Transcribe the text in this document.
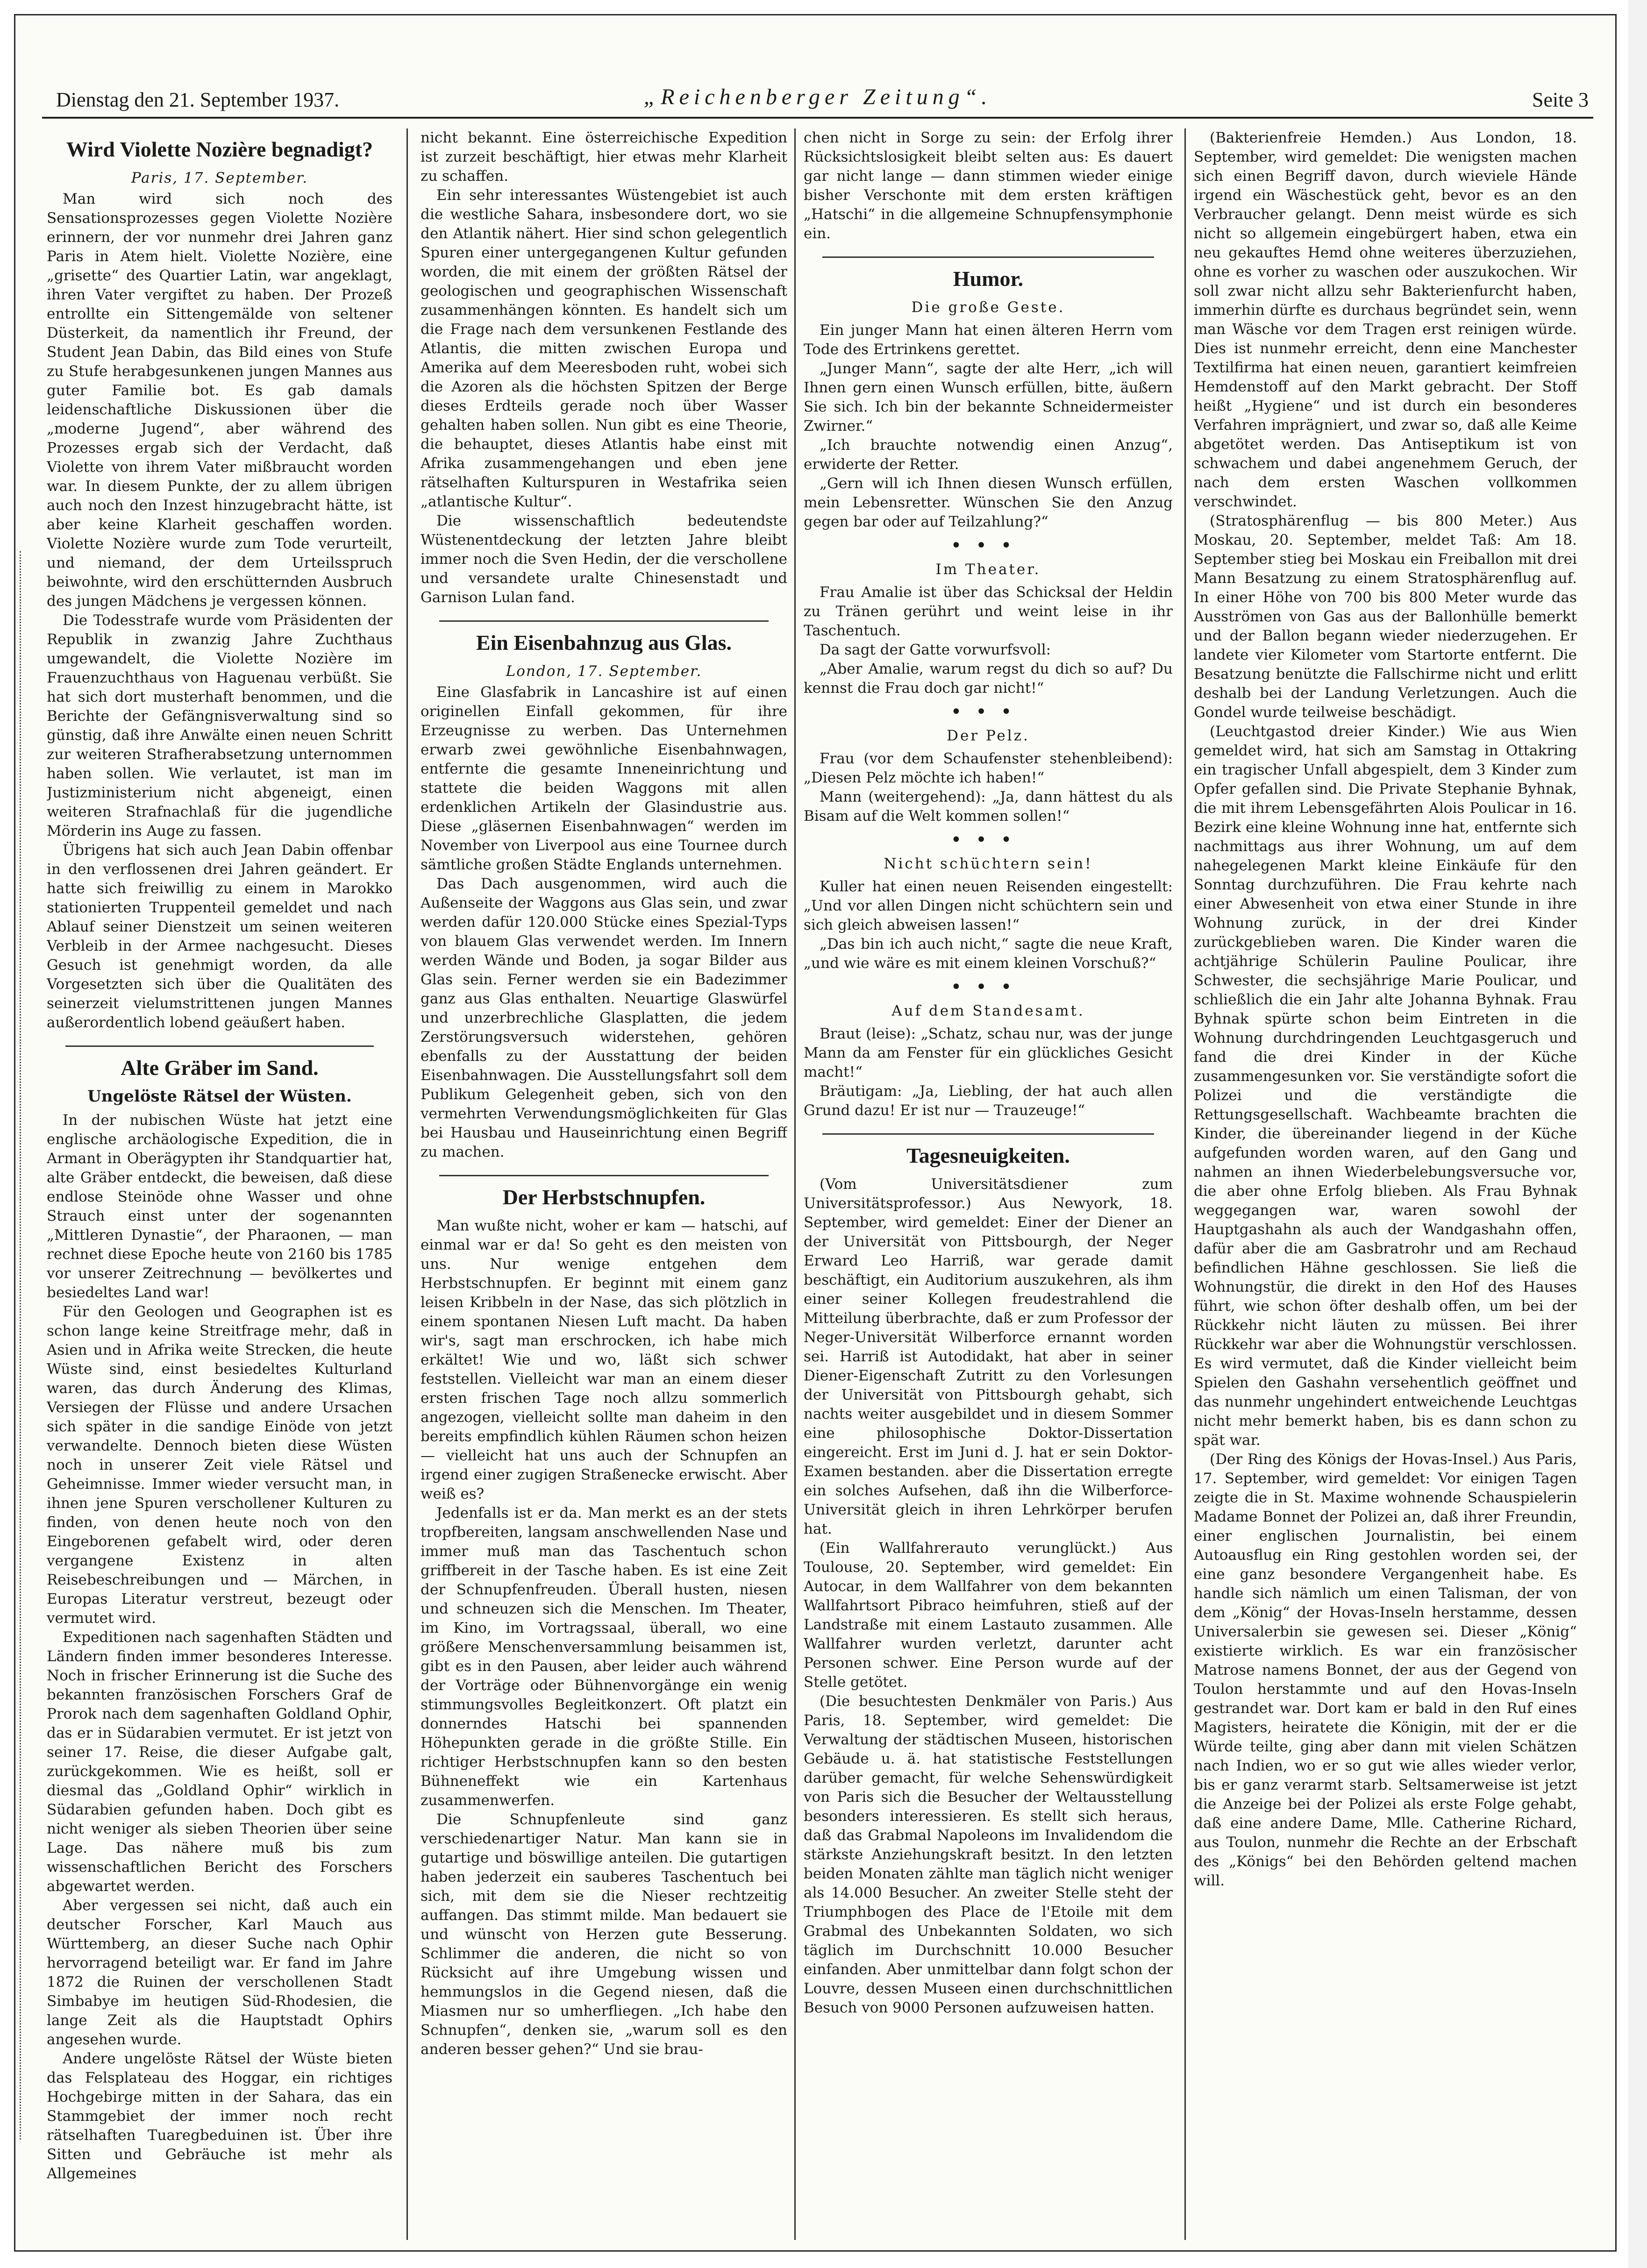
Dienstag den 21. September 1937.	„Reichenberger Zeitung“.	Seite 3
Wird Violette Nozière begnadigt?
Paris, 17. September.

Man wird sich noch des Sensationsprozesses gegen Violette Nozière erinnern, der vor nunmehr drei Jahren ganz Paris in Atem hielt. Violette Nozière, eine „grisette“ des Quartier Latin, war angeklagt, ihren Vater vergiftet zu haben. Der Prozeß entrollte ein Sittengemälde von seltener Düsterkeit, da namentlich ihr Freund, der Student Jean Dabin, das Bild eines von Stufe zu Stufe herabgesunkenen jungen Mannes aus guter Familie bot. Es gab damals leidenschaftliche Diskussionen über die „moderne Jugend“, aber während des Prozesses ergab sich der Verdacht, daß Violette von ihrem Vater mißbraucht worden war. In diesem Punkte, der zu allem übrigen auch noch den Inzest hinzugebracht hätte, ist aber keine Klarheit geschaffen worden. Violette Nozière wurde zum Tode verurteilt, und niemand, der dem Urteilsspruch beiwohnte, wird den erschütternden Ausbruch des jungen Mädchens je vergessen können.

Die Todesstrafe wurde vom Präsidenten der Republik in zwanzig Jahre Zuchthaus umgewandelt, die Violette Nozière im Frauenzuchthaus von Haguenau verbüßt. Sie hat sich dort musterhaft benommen, und die Berichte der Gefängnisverwaltung sind so günstig, daß ihre Anwälte einen neuen Schritt zur weiteren Strafherabsetzung unternommen haben sollen. Wie verlautet, ist man im Justizministerium nicht abgeneigt, einen weiteren Strafnachlaß für die jugendliche Mörderin ins Auge zu fassen.

Übrigens hat sich auch Jean Dabin offenbar in den verflossenen drei Jahren geändert. Er hatte sich freiwillig zu einem in Marokko stationierten Truppenteil gemeldet und nach Ablauf seiner Dienstzeit um seinen weiteren Verbleib in der Armee nachgesucht. Dieses Gesuch ist genehmigt worden, da alle Vorgesetzten sich über die Qualitäten des seinerzeit vielumstrittenen jungen Mannes außerordentlich lobend geäußert haben.

Alte Gräber im Sand.
Ungelöste Rätsel der Wüsten.

In der nubischen Wüste hat jetzt eine englische archäologische Expedition, die in Armant in Oberägypten ihr Standquartier hat, alte Gräber entdeckt, die beweisen, daß diese endlose Steinöde ohne Wasser und ohne Strauch einst unter der sogenannten „Mittleren Dynastie“, der Pharaonen, — man rechnet diese Epoche heute von 2160 bis 1785 vor unserer Zeitrechnung — bevölkertes und besiedeltes Land war!

Für den Geologen und Geographen ist es schon lange keine Streitfrage mehr, daß in Asien und in Afrika weite Strecken, die heute Wüste sind, einst besiedeltes Kulturland waren, das durch Änderung des Klimas, Versiegen der Flüsse und andere Ursachen sich später in die sandige Einöde von jetzt verwandelte. Dennoch bieten diese Wüsten noch in unserer Zeit viele Rätsel und Geheimnisse. Immer wieder versucht man, in ihnen jene Spuren verschollener Kulturen zu finden, von denen heute noch von den Eingeborenen gefabelt wird, oder deren vergangene Existenz in alten Reisebeschreibungen und — Märchen, in Europas Literatur verstreut, bezeugt oder vermutet wird.

Expeditionen nach sagenhaften Städten und Ländern finden immer besonderes Interesse. Noch in frischer Erinnerung ist die Suche des bekannten französischen Forschers Graf de Prorok nach dem sagenhaften Goldland Ophir, das er in Südarabien vermutet. Er ist jetzt von seiner 17. Reise, die dieser Aufgabe galt, zurückgekommen. Wie es heißt, soll er diesmal das „Goldland Ophir“ wirklich in Südarabien gefunden haben. Doch gibt es nicht weniger als sieben Theorien über seine Lage. Das nähere muß bis zum wissenschaftlichen Bericht des Forschers abgewartet werden.

Aber vergessen sei nicht, daß auch ein deutscher Forscher, Karl Mauch aus Württemberg, an dieser Suche nach Ophir hervorragend beteiligt war. Er fand im Jahre 1872 die Ruinen der verschollenen Stadt Simbabye im heutigen Süd-Rhodesien, die lange Zeit als die Hauptstadt Ophirs angesehen wurde.

Andere ungelöste Rätsel der Wüste bieten das Felsplateau des Hoggar, ein richtiges Hochgebirge mitten in der Sahara, das ein Stammgebiet der immer noch recht rätselhaften Tuaregbeduinen ist. Über ihre Sitten und Gebräuche ist mehr als Allgemeines

nicht bekannt. Eine österreichische Expedition ist zurzeit beschäftigt, hier etwas mehr Klarheit zu schaffen.

Ein sehr interessantes Wüstengebiet ist auch die westliche Sahara, insbesondere dort, wo sie den Atlantik nähert. Hier sind schon gelegentlich Spuren einer untergegangenen Kultur gefunden worden, die mit einem der größten Rätsel der geologischen und geographischen Wissenschaft zusammenhängen könnten. Es handelt sich um die Frage nach dem versunkenen Festlande des Atlantis, die mitten zwischen Europa und Amerika auf dem Meeresboden ruht, wobei sich die Azoren als die höchsten Spitzen der Berge dieses Erdteils gerade noch über Wasser gehalten haben sollen. Nun gibt es eine Theorie, die behauptet, dieses Atlantis habe einst mit Afrika zusammengehangen und eben jene rätselhaften Kulturspuren in Westafrika seien „atlantische Kultur“.

Die wissenschaftlich bedeutendste Wüstenentdeckung der letzten Jahre bleibt immer noch die Sven Hedin, der die verschollene und versandete uralte Chinesenstadt und Garnison Lulan fand.

Ein Eisenbahnzug aus Glas.
London, 17. September.

Eine Glasfabrik in Lancashire ist auf einen originellen Einfall gekommen, für ihre Erzeugnisse zu werben. Das Unternehmen erwarb zwei gewöhnliche Eisenbahnwagen, entfernte die gesamte Inneneinrichtung und stattete die beiden Waggons mit allen erdenklichen Artikeln der Glasindustrie aus. Diese „gläsernen Eisenbahnwagen“ werden im November von Liverpool aus eine Tournee durch sämtliche großen Städte Englands unternehmen.

Das Dach ausgenommen, wird auch die Außenseite der Waggons aus Glas sein, und zwar werden dafür 120.000 Stücke eines Spezial-Typs von blauem Glas verwendet werden. Im Innern werden Wände und Boden, ja sogar Bilder aus Glas sein. Ferner werden sie ein Badezimmer ganz aus Glas enthalten. Neuartige Glaswürfel und unzerbrechliche Glasplatten, die jedem Zerstörungsversuch widerstehen, gehören ebenfalls zu der Ausstattung der beiden Eisenbahnwagen. Die Ausstellungsfahrt soll dem Publikum Gelegenheit geben, sich von den vermehrten Verwendungsmöglichkeiten für Glas bei Hausbau und Hauseinrichtung einen Begriff zu machen.

Der Herbstschnupfen.

Man wußte nicht, woher er kam — hatschi, auf einmal war er da! So geht es den meisten von uns. Nur wenige entgehen dem Herbstschnupfen. Er beginnt mit einem ganz leisen Kribbeln in der Nase, das sich plötzlich in einem spontanen Niesen Luft macht. Da haben wir's, sagt man erschrocken, ich habe mich erkältet! Wie und wo, läßt sich schwer feststellen. Vielleicht war man an einem dieser ersten frischen Tage noch allzu sommerlich angezogen, vielleicht sollte man daheim in den bereits empfindlich kühlen Räumen schon heizen — vielleicht hat uns auch der Schnupfen an irgend einer zugigen Straßenecke erwischt. Aber weiß es?

Jedenfalls ist er da. Man merkt es an der stets tropfbereiten, langsam anschwellenden Nase und immer muß man das Taschentuch schon griffbereit in der Tasche haben. Es ist eine Zeit der Schnupfenfreuden. Überall husten, niesen und schneuzen sich die Menschen. Im Theater, im Kino, im Vortragssaal, überall, wo eine größere Menschenversammlung beisammen ist, gibt es in den Pausen, aber leider auch während der Vorträge oder Bühnenvorgänge ein wenig stimmungsvolles Begleitkonzert. Oft platzt ein donnerndes Hatschi bei spannenden Höhepunkten gerade in die größte Stille. Ein richtiger Herbstschnupfen kann so den besten Bühneneffekt wie ein Kartenhaus zusammenwerfen.

Die Schnupfenleute sind ganz verschiedenartiger Natur. Man kann sie in gutartige und böswillige anteilen. Die gutartigen haben jederzeit ein sauberes Taschentuch bei sich, mit dem sie die Nieser rechtzeitig auffangen. Das stimmt milde. Man bedauert sie und wünscht von Herzen gute Besserung. Schlimmer die anderen, die nicht so von Rücksicht auf ihre Umgebung wissen und hemmungslos in die Gegend niesen, daß die Miasmen nur so umherfliegen. „Ich habe den Schnupfen“, denken sie, „warum soll es den anderen besser gehen?“ Und sie brau-

chen nicht in Sorge zu sein: der Erfolg ihrer Rücksichtslosigkeit bleibt selten aus: Es dauert gar nicht lange — dann stimmen wieder einige bisher Verschonte mit dem ersten kräftigen „Hatschi“ in die allgemeine Schnupfensymphonie ein.

Humor.
Die große Geste.

Ein junger Mann hat einen älteren Herrn vom Tode des Ertrinkens gerettet.

„Junger Mann“, sagte der alte Herr, „ich will Ihnen gern einen Wunsch erfüllen, bitte, äußern Sie sich. Ich bin der bekannte Schneidermeister Zwirner.“

„Ich brauchte notwendig einen Anzug“, erwiderte der Retter.

„Gern will ich Ihnen diesen Wunsch erfüllen, mein Lebensretter. Wünschen Sie den Anzug gegen bar oder auf Teilzahlung?“

•••
Im Theater.

Frau Amalie ist über das Schicksal der Heldin zu Tränen gerührt und weint leise in ihr Taschentuch.

Da sagt der Gatte vorwurfsvoll:

„Aber Amalie, warum regst du dich so auf? Du kennst die Frau doch gar nicht!“

•••
Der Pelz.

Frau (vor dem Schaufenster stehenbleibend): „Diesen Pelz möchte ich haben!“

Mann (weitergehend): „Ja, dann hättest du als Bisam auf die Welt kommen sollen!“

•••
Nicht schüchtern sein!

Kuller hat einen neuen Reisenden eingestellt: „Und vor allen Dingen nicht schüchtern sein und sich gleich abweisen lassen!“

„Das bin ich auch nicht,“ sagte die neue Kraft, „und wie wäre es mit einem kleinen Vorschuß?“

•••
Auf dem Standesamt.

Braut (leise): „Schatz, schau nur, was der junge Mann da am Fenster für ein glückliches Gesicht macht!“

Bräutigam: „Ja, Liebling, der hat auch allen Grund dazu! Er ist nur — Trauzeuge!“

Tagesneuigkeiten.

(Vom Universitätsdiener zum Universitätsprofessor.) Aus Newyork, 18. September, wird gemeldet: Einer der Diener an der Universität von Pittsbourgh, der Neger Erward Leo Harriß, war gerade damit beschäftigt, ein Auditorium auszukehren, als ihm einer seiner Kollegen freudestrahlend die Mitteilung überbrachte, daß er zum Professor der Neger-Universität Wilberforce ernannt worden sei. Harriß ist Autodidakt, hat aber in seiner Diener-Eigenschaft Zutritt zu den Vorlesungen der Universität von Pittsbourgh gehabt, sich nachts weiter ausgebildet und in diesem Sommer eine philosophische Doktor-Dissertation eingereicht. Erst im Juni d. J. hat er sein Doktor-Examen bestanden. aber die Dissertation erregte ein solches Aufsehen, daß ihn die Wilberforce-Universität gleich in ihren Lehrkörper berufen hat.

(Ein Wallfahrerauto verunglückt.) Aus Toulouse, 20. September, wird gemeldet: Ein Autocar, in dem Wallfahrer von dem bekannten Wallfahrtsort Pibraco heimfuhren, stieß auf der Landstraße mit einem Lastauto zusammen. Alle Wallfahrer wurden verletzt, darunter acht Personen schwer. Eine Person wurde auf der Stelle getötet.

(Die besuchtesten Denkmäler von Paris.) Aus Paris, 18. September, wird gemeldet: Die Verwaltung der städtischen Museen, historischen Gebäude u. ä. hat statistische Feststellungen darüber gemacht, für welche Sehenswürdigkeit von Paris sich die Besucher der Weltausstellung besonders interessieren. Es stellt sich heraus, daß das Grabmal Napoleons im Invalidendom die stärkste Anziehungskraft besitzt. In den letzten beiden Monaten zählte man täglich nicht weniger als 14.000 Besucher. An zweiter Stelle steht der Triumphbogen des Place de l'Etoile mit dem Grabmal des Unbekannten Soldaten, wo sich täglich im Durchschnitt 10.000 Besucher einfanden. Aber unmittelbar dann folgt schon der Louvre, dessen Museen einen durchschnittlichen Besuch von 9000 Personen aufzuweisen hatten.

(Bakterienfreie Hemden.) Aus London, 18. September, wird gemeldet: Die wenigsten machen sich einen Begriff davon, durch wieviele Hände irgend ein Wäschestück geht, bevor es an den Verbraucher gelangt. Denn meist würde es sich nicht so allgemein eingebürgert haben, etwa ein neu gekauftes Hemd ohne weiteres überzuziehen, ohne es vorher zu waschen oder auszukochen. Wir soll zwar nicht allzu sehr Bakterienfurcht haben, immerhin dürfte es durchaus begründet sein, wenn man Wäsche vor dem Tragen erst reinigen würde. Dies ist nunmehr erreicht, denn eine Manchester Textilfirma hat einen neuen, garantiert keimfreien Hemdenstoff auf den Markt gebracht. Der Stoff heißt „Hygiene“ und ist durch ein besonderes Verfahren imprägniert, und zwar so, daß alle Keime abgetötet werden. Das Antiseptikum ist von schwachem und dabei angenehmem Geruch, der nach dem ersten Waschen vollkommen verschwindet.

(Stratosphärenflug — bis 800 Meter.) Aus Moskau, 20. September, meldet Taß: Am 18. September stieg bei Moskau ein Freiballon mit drei Mann Besatzung zu einem Stratosphärenflug auf. In einer Höhe von 700 bis 800 Meter wurde das Ausströmen von Gas aus der Ballonhülle bemerkt und der Ballon begann wieder niederzugehen. Er landete vier Kilometer vom Startorte entfernt. Die Besatzung benützte die Fallschirme nicht und erlitt deshalb bei der Landung Verletzungen. Auch die Gondel wurde teilweise beschädigt.

(Leuchtgastod dreier Kinder.) Wie aus Wien gemeldet wird, hat sich am Samstag in Ottakring ein tragischer Unfall abgespielt, dem 3 Kinder zum Opfer gefallen sind. Die Private Stephanie Byhnak, die mit ihrem Lebensgefährten Alois Poulicar in 16. Bezirk eine kleine Wohnung inne hat, entfernte sich nachmittags aus ihrer Wohnung, um auf dem nahegelegenen Markt kleine Einkäufe für den Sonntag durchzuführen. Die Frau kehrte nach einer Abwesenheit von etwa einer Stunde in ihre Wohnung zurück, in der drei Kinder zurückgeblieben waren. Die Kinder waren die achtjährige Schülerin Pauline Poulicar, ihre Schwester, die sechsjährige Marie Poulicar, und schließlich die ein Jahr alte Johanna Byhnak. Frau Byhnak spürte schon beim Eintreten in die Wohnung durchdringenden Leuchtgasgeruch und fand die drei Kinder in der Küche zusammengesunken vor. Sie verständigte sofort die Polizei und die verständigte die Rettungsgesellschaft. Wachbeamte brachten die Kinder, die übereinander liegend in der Küche aufgefunden worden waren, auf den Gang und nahmen an ihnen Wiederbelebungsversuche vor, die aber ohne Erfolg blieben. Als Frau Byhnak weggegangen war, waren sowohl der Hauptgashahn als auch der Wandgashahn offen, dafür aber die am Gasbratrohr und am Rechaud befindlichen Hähne geschlossen. Sie ließ die Wohnungstür, die direkt in den Hof des Hauses führt, wie schon öfter deshalb offen, um bei der Rückkehr nicht läuten zu müssen. Bei ihrer Rückkehr war aber die Wohnungstür verschlossen. Es wird vermutet, daß die Kinder vielleicht beim Spielen den Gashahn versehentlich geöffnet und das nunmehr ungehindert entweichende Leuchtgas nicht mehr bemerkt haben, bis es dann schon zu spät war.

(Der Ring des Königs der Hovas-Insel.) Aus Paris, 17. September, wird gemeldet: Vor einigen Tagen zeigte die in St. Maxime wohnende Schauspielerin Madame Bonnet der Polizei an, daß ihrer Freundin, einer englischen Journalistin, bei einem Autoausflug ein Ring gestohlen worden sei, der eine ganz besondere Vergangenheit habe. Es handle sich nämlich um einen Talisman, der von dem „König“ der Hovas-Inseln herstamme, dessen Universalerbin sie gewesen sei. Dieser „König“ existierte wirklich. Es war ein französischer Matrose namens Bonnet, der aus der Gegend von Toulon herstammte und auf den Hovas-Inseln gestrandet war. Dort kam er bald in den Ruf eines Magisters, heiratete die Königin, mit der er die Würde teilte, ging aber dann mit vielen Schätzen nach Indien, wo er so gut wie alles wieder verlor, bis er ganz verarmt starb. Seltsamerweise ist jetzt die Anzeige bei der Polizei als erste Folge gehabt, daß eine andere Dame, Mlle. Catherine Richard, aus Toulon, nunmehr die Rechte an der Erbschaft des „Königs“ bei den Behörden geltend machen will.
